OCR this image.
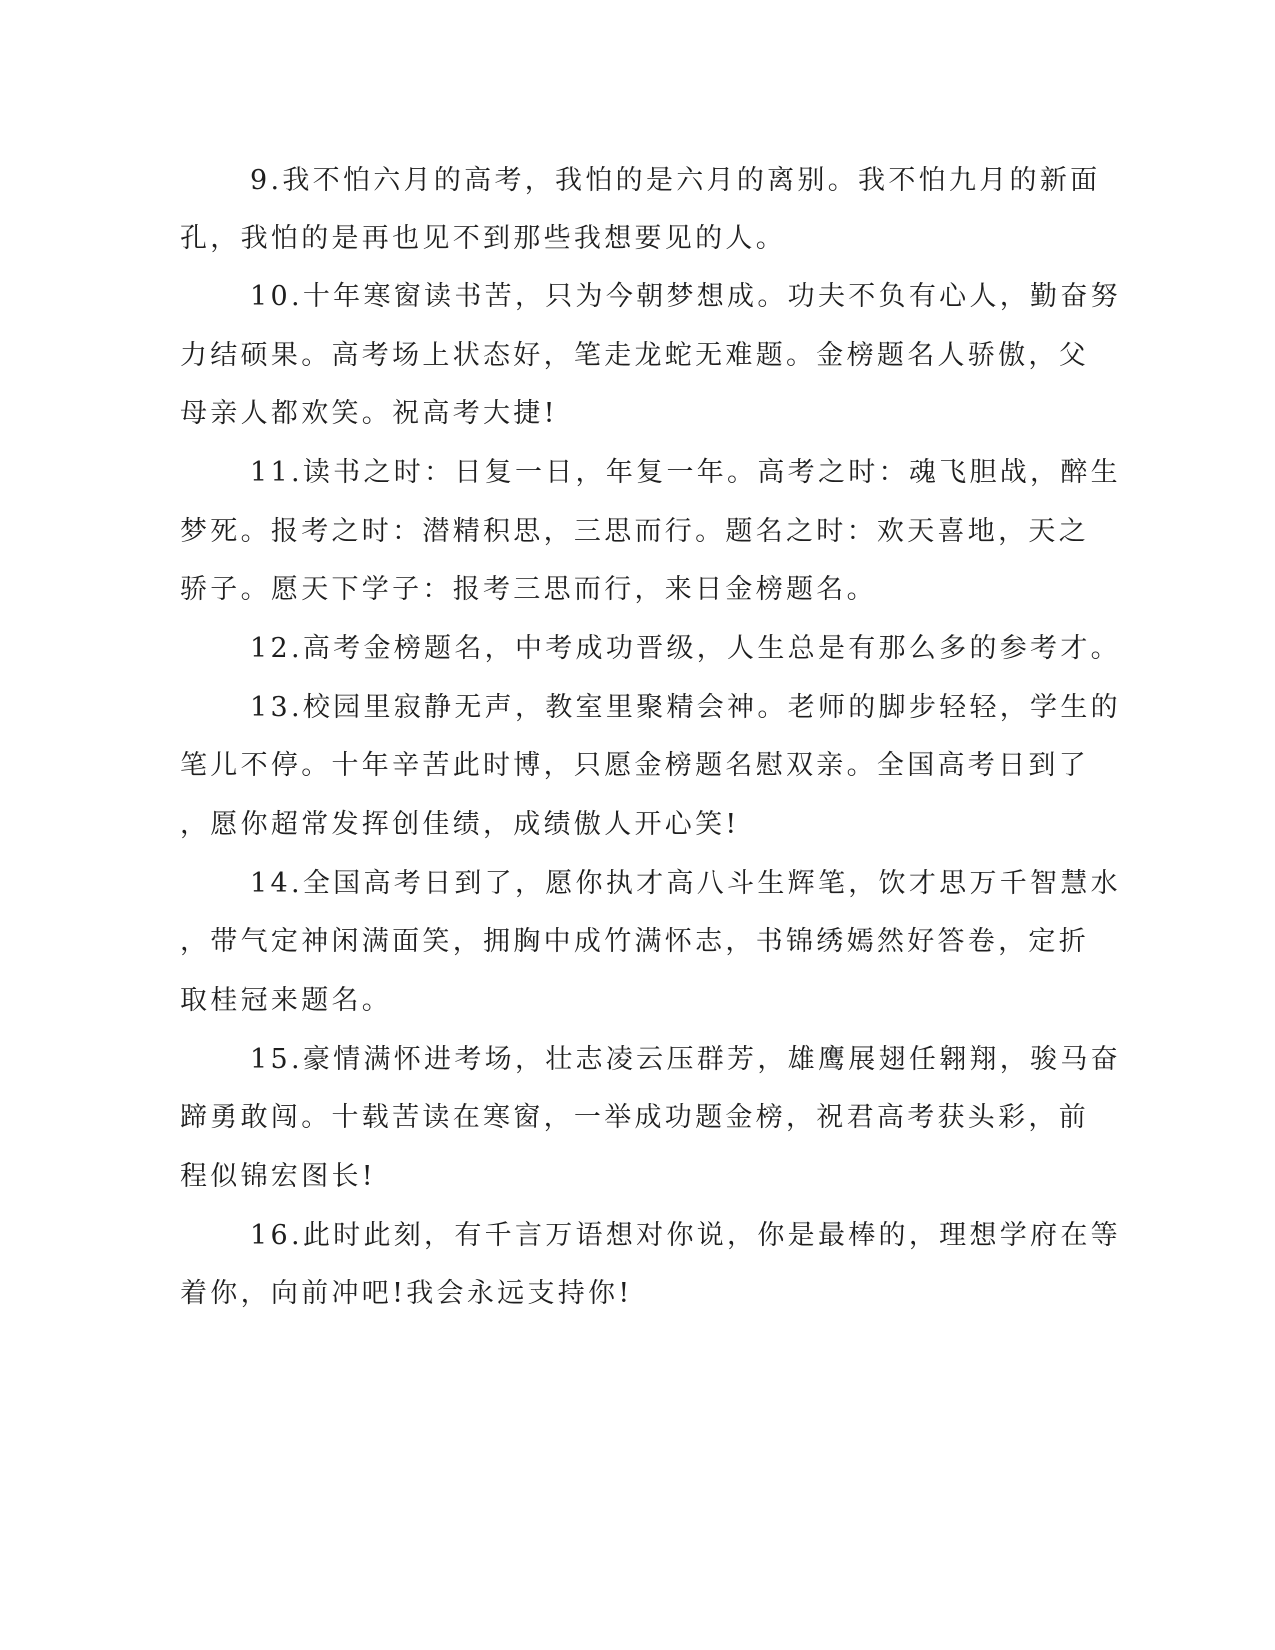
9.我不怕六月的高考，我怕的是六月的离别。我不怕九月的新面
孔，我怕的是再也见不到那些我想要见的人。
10.十年寒窗读书苦，只为今朝梦想成。功夫不负有心人，勤奋努
力结硕果。高考场上状态好，笔走龙蛇无难题。金榜题名人骄傲，父
母亲人都欢笑。祝高考大捷!
11.读书之时：日复一日，年复一年。高考之时：魂飞胆战，醉生
梦死。报考之时：潜精积思，三思而行。题名之时：欢天喜地，天之
骄子。愿天下学子：报考三思而行，来日金榜题名。
12.高考金榜题名，中考成功晋级，人生总是有那么多的参考才。
13.校园里寂静无声，教室里聚精会神。老师的脚步轻轻，学生的
笔儿不停。十年辛苦此时博，只愿金榜题名慰双亲。全国高考日到了
，愿你超常发挥创佳绩，成绩傲人开心笑!
14.全国高考日到了，愿你执才高八斗生辉笔，饮才思万千智慧水
，带气定神闲满面笑，拥胸中成竹满怀志，书锦绣嫣然好答卷，定折
取桂冠来题名。
15.豪情满怀进考场，壮志凌云压群芳，雄鹰展翅任翱翔，骏马奋
蹄勇敢闯。十载苦读在寒窗，一举成功题金榜，祝君高考获头彩，前
程似锦宏图长!
16.此时此刻，有千言万语想对你说，你是最棒的，理想学府在等
着你，向前冲吧!我会永远支持你!
